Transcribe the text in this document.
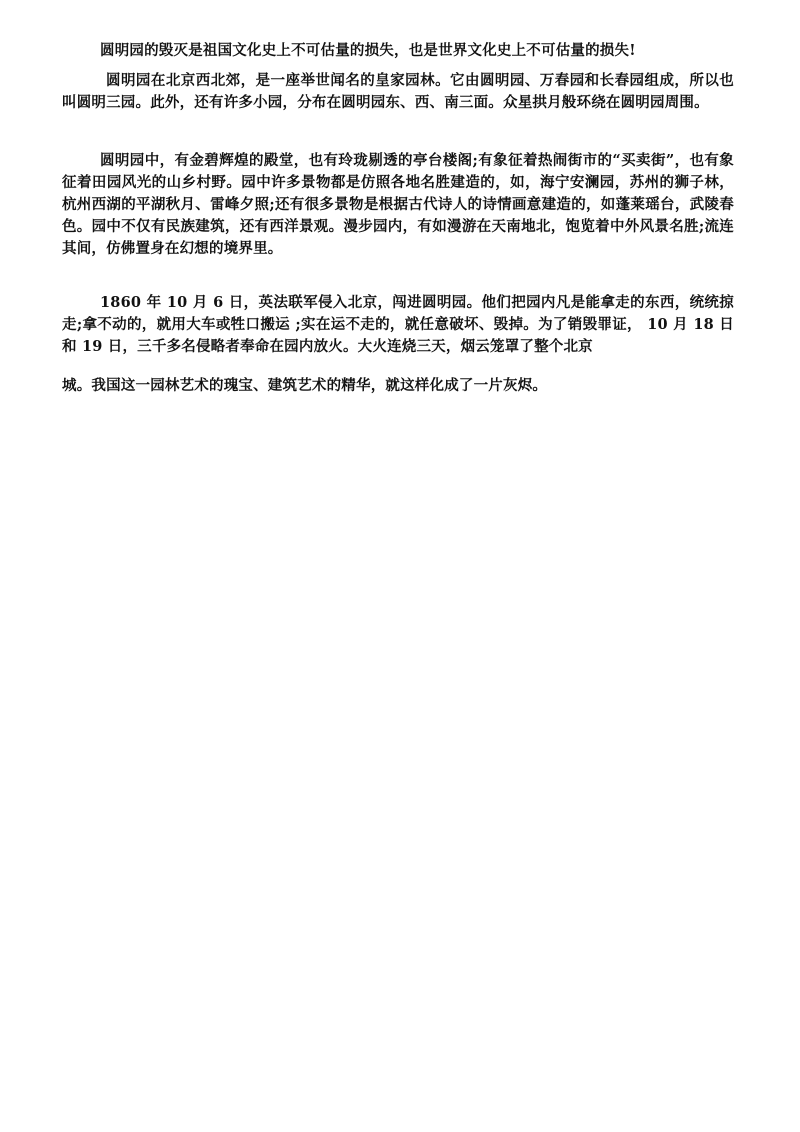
圆明园的毁灭是祖国文化史上不可估量的损失，也是世界文化史上不可估量的损失!

圆明园在北京西北郊，是一座举世闻名的皇家园林。它由圆明园、万春园和长春园组成，所以也叫圆明三园。此外，还有许多小园，分布在圆明园东、西、南三面。众星拱月般环绕在圆明园周围。

圆明园中，有金碧辉煌的殿堂，也有玲珑剔透的亭台楼阁;有象征着热闹街市的“买卖街”，也有象征着田园风光的山乡村野。园中许多景物都是仿照各地名胜建造的，如，海宁安澜园，苏州的狮子林，杭州西湖的平湖秋月、雷峰夕照;还有很多景物是根据古代诗人的诗情画意建造的，如蓬莱瑶台，武陵春色。园中不仅有民族建筑，还有西洋景观。漫步园内，有如漫游在天南地北，饱览着中外风景名胜;流连其间，仿佛置身在幻想的境界里。

1860 年 10 月 6 日，英法联军侵入北京，闯进圆明园。他们把园内凡是能拿走的东西，统统掠走;拿不动的，就用大车或牲口搬运 ;实在运不走的，就任意破坏、毁掉。为了销毁罪证， 10 月 18 日和 19 日，三千多名侵略者奉命在园内放火。大火连烧三天，烟云笼罩了整个北京

城。我国这一园林艺术的瑰宝、建筑艺术的精华，就这样化成了一片灰烬。
